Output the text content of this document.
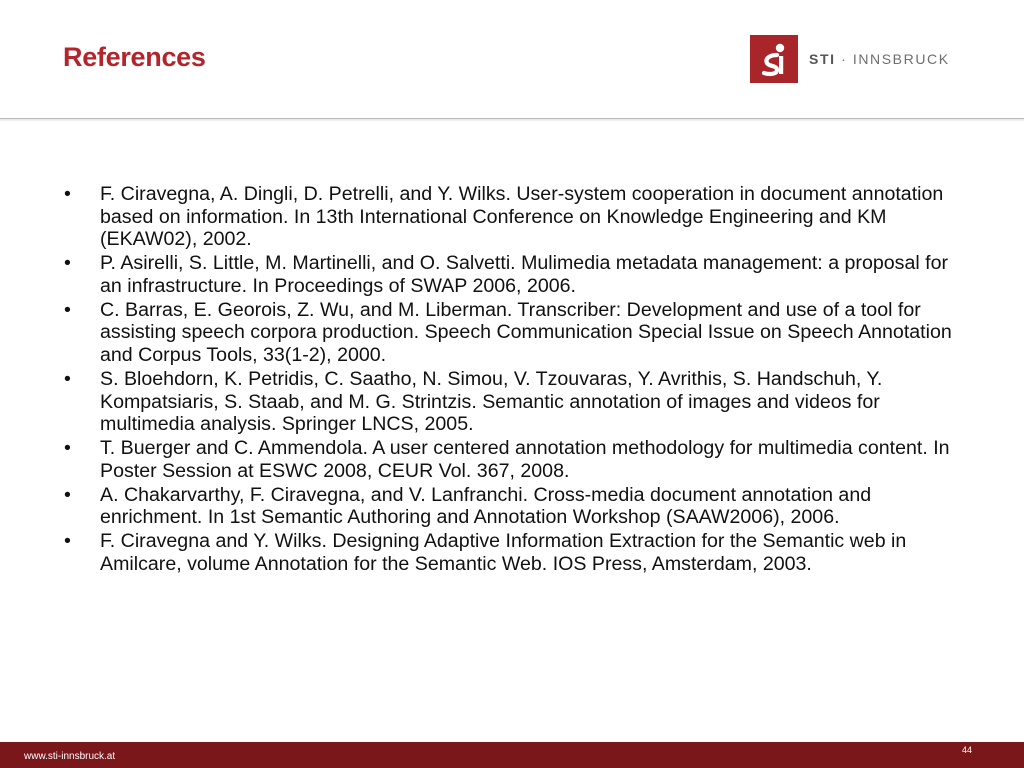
References	STI · INNSBRUCK
•	F. Ciravegna, A. Dingli, D. Petrelli, and Y. Wilks. User-system cooperation in document annotation based on information. In 13th International Conference on Knowledge Engineering and KM (EKAW02), 2002.
•	P. Asirelli, S. Little, M. Martinelli, and O. Salvetti. Mulimedia metadata management: a proposal for an infrastructure. In Proceedings of SWAP 2006, 2006.
•	C. Barras, E. Georois, Z. Wu, and M. Liberman. Transcriber: Development and use of a tool for assisting speech corpora production. Speech Communication Special Issue on Speech Annotation and Corpus Tools, 33(1-2), 2000.
•	S. Bloehdorn, K. Petridis, C. Saatho, N. Simou, V. Tzouvaras, Y. Avrithis, S. Handschuh, Y. Kompatsiaris, S. Staab, and M. G. Strintzis. Semantic annotation of images and videos for multimedia analysis. Springer LNCS, 2005.
•	T. Buerger and C. Ammendola. A user centered annotation methodology for multimedia content. In Poster Session at ESWC 2008, CEUR Vol. 367, 2008.
•	A. Chakarvarthy, F. Ciravegna, and V. Lanfranchi. Cross-media document annotation and enrichment. In 1st Semantic Authoring and Annotation Workshop (SAAW2006), 2006.
•	F. Ciravegna and Y. Wilks. Designing Adaptive Information Extraction for the Semantic web in Amilcare, volume Annotation for the Semantic Web. IOS Press, Amsterdam, 2003.
www.sti-innsbruck.at
44
